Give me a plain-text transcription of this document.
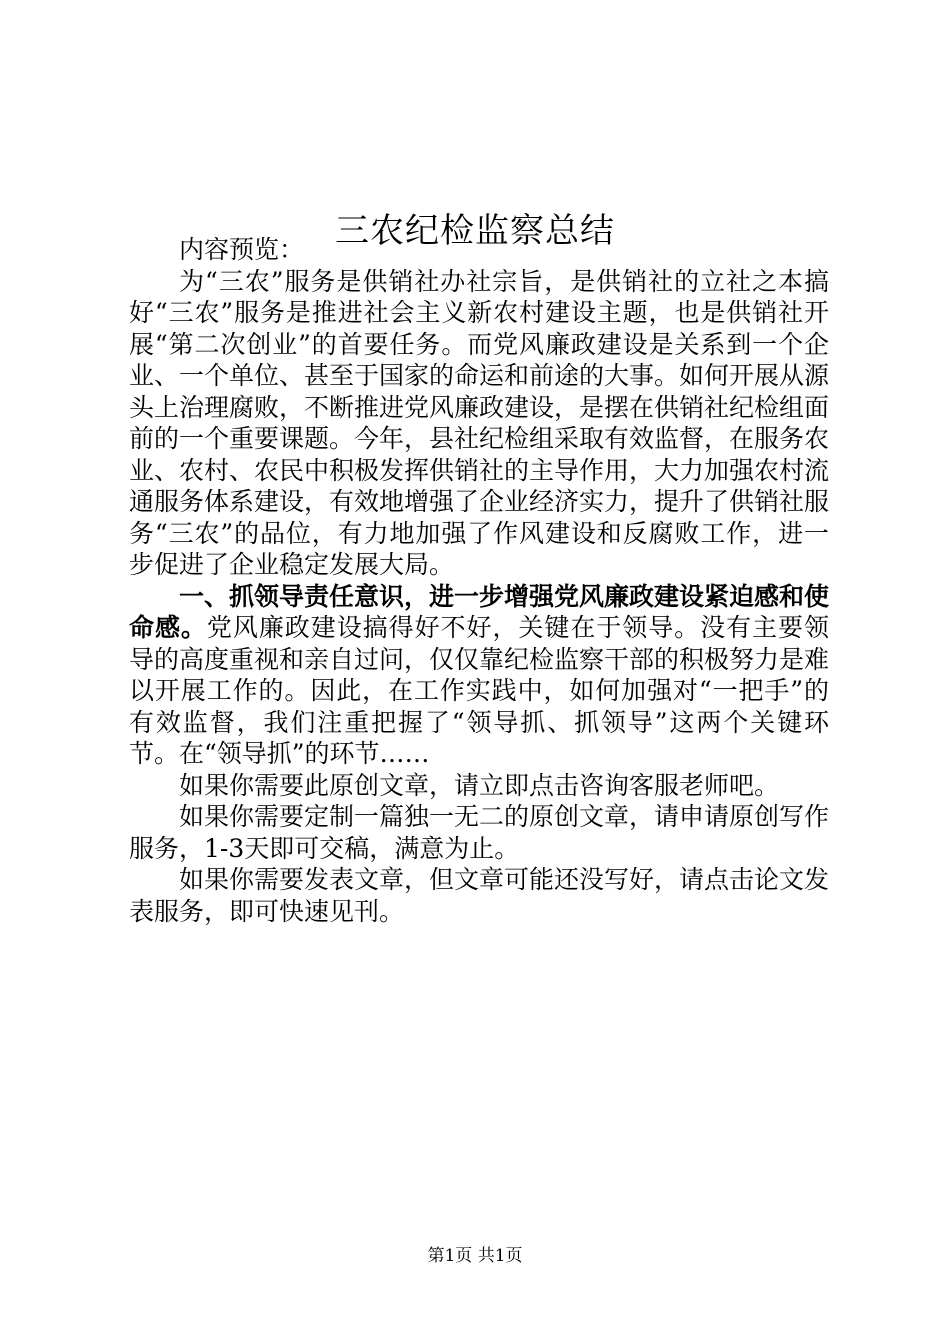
三农纪检监察总结

内容预览：

为“三农”服务是供销社办社宗旨，是供销社的立社之本搞好“三农”服务是推进社会主义新农村建设主题，也是供销社开展“第二次创业”的首要任务。而党风廉政建设是关系到一个企业、一个单位、甚至于国家的命运和前途的大事。如何开展从源头上治理腐败，不断推进党风廉政建设，是摆在供销社纪检组面前的一个重要课题。今年，县社纪检组采取有效监督，在服务农业、农村、农民中积极发挥供销社的主导作用，大力加强农村流通服务体系建设，有效地增强了企业经济实力，提升了供销社服务“三农”的品位，有力地加强了作风建设和反腐败工作，进一步促进了企业稳定发展大局。

一、抓领导责任意识，进一步增强党风廉政建设紧迫感和使命感。党风廉政建设搞得好不好，关键在于领导。没有主要领导的高度重视和亲自过问，仅仅靠纪检监察干部的积极努力是难以开展工作的。因此，在工作实践中，如何加强对“一把手”的有效监督，我们注重把握了“领导抓、抓领导”这两个关键环节。在“领导抓”的环节……

如果你需要此原创文章，请立即点击咨询客服老师吧。

如果你需要定制一篇独一无二的原创文章，请申请原创写作服务，1-3天即可交稿，满意为止。

如果你需要发表文章，但文章可能还没写好，请点击论文发表服务，即可快速见刊。

第1页 共1页
